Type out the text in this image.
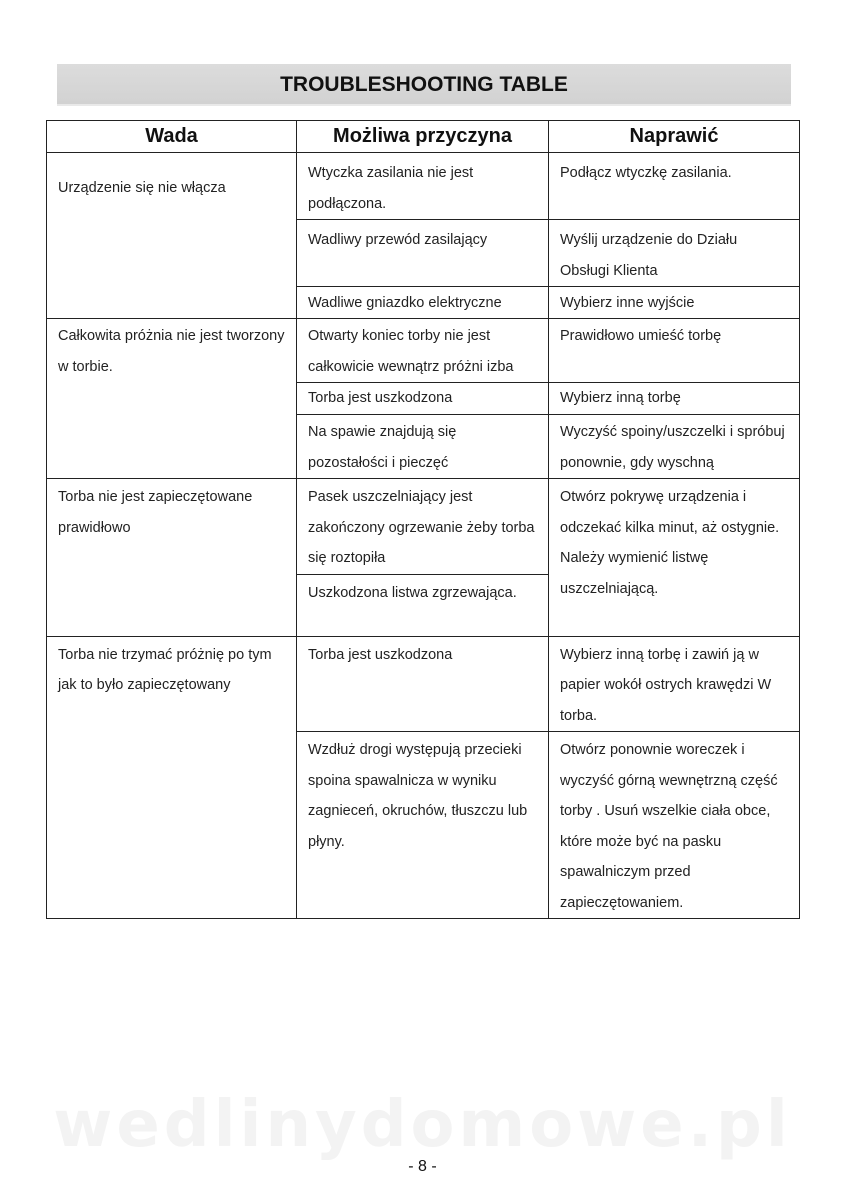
TROUBLESHOOTING TABLE
Wada	Możliwa przyczyna	Naprawić
Urządzenie się nie włącza	Wtyczka zasilania nie jest podłączona.	Podłącz wtyczkę zasilania.
	Wadliwy przewód zasilający	Wyślij urządzenie do Działu Obsługi Klienta
	Wadliwe gniazdko elektryczne	Wybierz inne wyjście
Całkowita próżnia nie jest tworzony w torbie.	Otwarty koniec torby nie jest całkowicie wewnątrz próżni izba	Prawidłowo umieść torbę
	Torba jest uszkodzona	Wybierz inną torbę
	Na spawie znajdują się pozostałości i pieczęć	Wyczyść spoiny/uszczelki i spróbuj ponownie, gdy wyschną
Torba nie jest zapieczętowane prawidłowo	Pasek uszczelniający jest zakończony ogrzewanie żeby torba się roztopiła	Otwórz pokrywę urządzenia i odczekać kilka minut, aż ostygnie. Należy wymienić listwę uszczelniającą.
	Uszkodzona listwa zgrzewająca.	
Torba nie trzymać próżnię po tym jak to było zapieczętowany	Torba jest uszkodzona	Wybierz inną torbę i zawiń ją w papier wokół ostrych krawędzi W torba.
	Wzdłuż drogi występują przecieki spoina spawalnicza w wyniku zagnieceń, okruchów, tłuszczu lub płyny.	Otwórz ponownie woreczek i wyczyść górną wewnętrzną część torby . Usuń wszelkie ciała obce, które może być na pasku spawalniczym przed zapieczętowaniem.
wedlinydomowe.pl
- 8 -
